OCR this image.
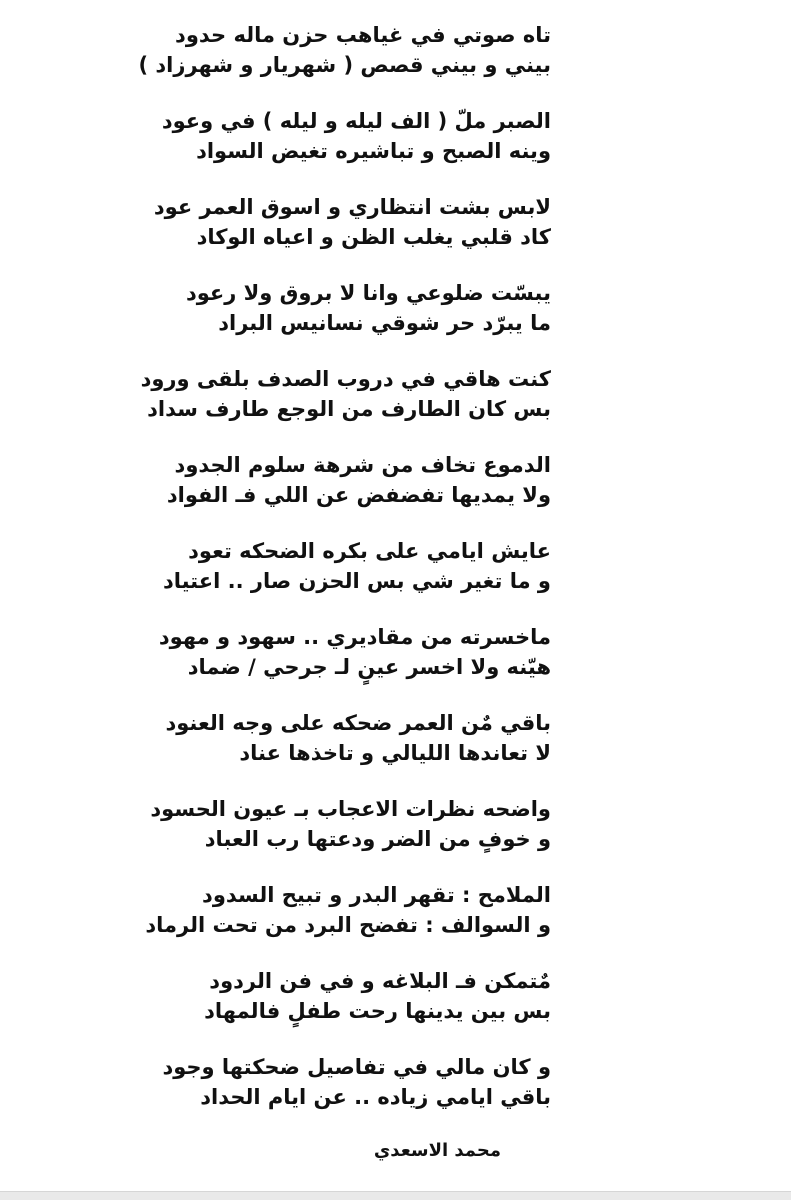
تاه صوتي في غياهب حزن ماله حدود
بيني و بيني قصص ( شهريار و شهرزاد )
الصبر ملّ ( الف ليله و ليله ) في وعود
وينه الصبح و تباشيره تغيض السواد
لابس بشت انتظاري و اسوق العمر عود
كاد قلبي يغلب الظن و اعياه الوكاد
يبسّت ضلوعي وانا لا بروق ولا رعود
ما يبرّد حر شوقي نسانيس البراد
كنت هاقي في دروب الصدف بلقى ورود
بس كان الطارف من الوجع طارف سداد
الدموع تخاف من شرهة سلوم الجدود
ولا يمديها تفضفض عن اللي فـ الفواد
عايش ايامي على بكره الضحكه تعود
و ما تغير شي بس الحزن صار .. اعتياد
ماخسرته من مقاديري .. سهود و مهود
هيّنه ولا اخسر عينٍ لـ جرحي / ضماد
باقي مٌن العمر ضحكه على وجه العنود
لا تعاندها الليالي و تاخذها عناد
واضحه نظرات الاعجاب بـ عيون الحسود
و خوفٍ من الضر ودعتها رب العباد
الملامح : تقهر البدر و تبيح السدود
و السوالف : تفضح البرد من تحت الرماد
مٌتمكن فـ البلاغه و في فن الردود
بس بين يدينها رحت طفلٍ فالمهاد
و كان مالي في تفاصيل ضحكتها وجود
باقي ايامي زياده .. عن ايام الحداد
محمد الاسعدي
